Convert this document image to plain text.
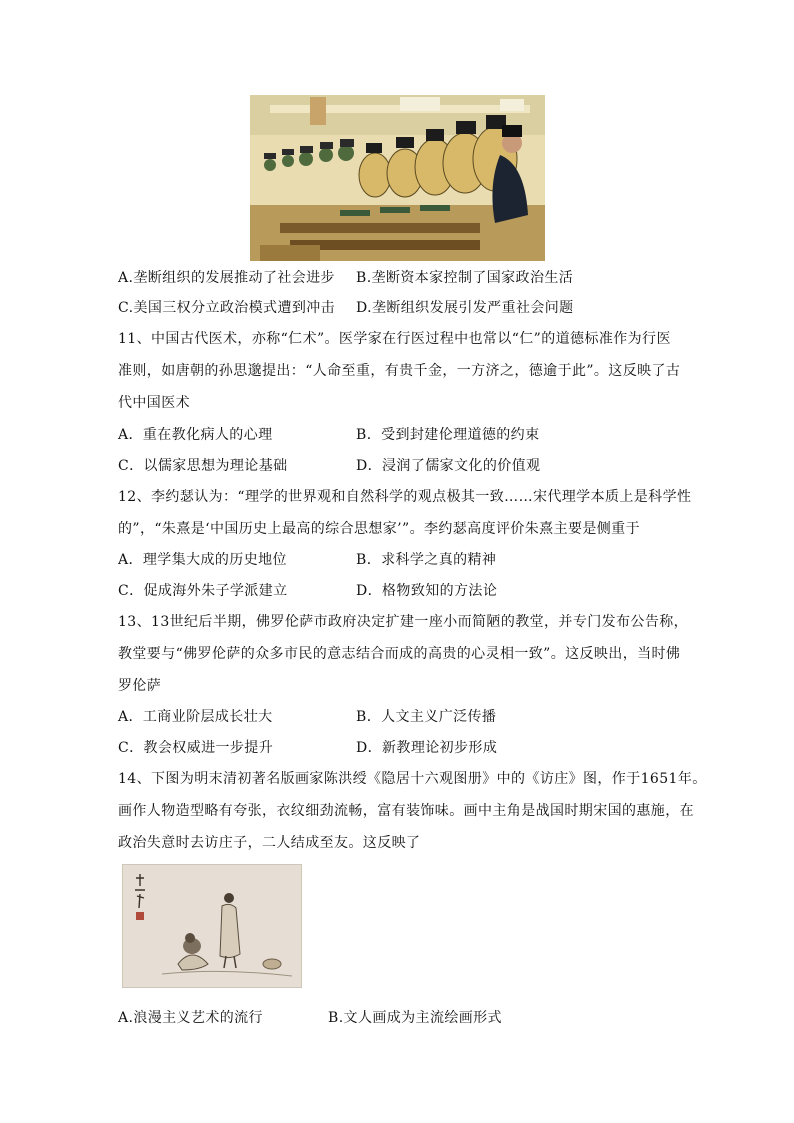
A.垄断组织的发展推动了社会进步 B.垄断资本家控制了国家政治生活
C.美国三权分立政治模式遭到冲击 D.垄断组织发展引发严重社会问题
11、中国古代医术，亦称“仁术”。医学家在行医过程中也常以“仁”的道德标准作为行医
准则，如唐朝的孙思邈提出：“人命至重，有贵千金，一方济之，德逾于此”。这反映了古
代中国医术
A．重在教化病人的心理	B．受到封建伦理道德的约束
C．以儒家思想为理论基础	D．浸润了儒家文化的价值观
12、李约瑟认为：“理学的世界观和自然科学的观点极其一致……宋代理学本质上是科学性
的”，“朱熹是‘中国历史上最高的综合思想家’”。李约瑟高度评价朱熹主要是侧重于
A．理学集大成的历史地位	B．求科学之真的精神
C．促成海外朱子学派建立	D．格物致知的方法论
13、13世纪后半期，佛罗伦萨市政府决定扩建一座小而简陋的教堂，并专门发布公告称，
教堂要与“佛罗伦萨的众多市民的意志结合而成的高贵的心灵相一致”。这反映出，当时佛
罗伦萨
A．工商业阶层成长壮大	B．人文主义广泛传播
C．教会权威进一步提升	D．新教理论初步形成
14、下图为明末清初著名版画家陈洪绶《隐居十六观图册》中的《访庄》图，作于1651年。
画作人物造型略有夸张，衣纹细劲流畅，富有装饰味。画中主角是战国时期宋国的惠施，在
政治失意时去访庄子，二人结成至友。这反映了
A.浪漫主义艺术的流行	B.文人画成为主流绘画形式
